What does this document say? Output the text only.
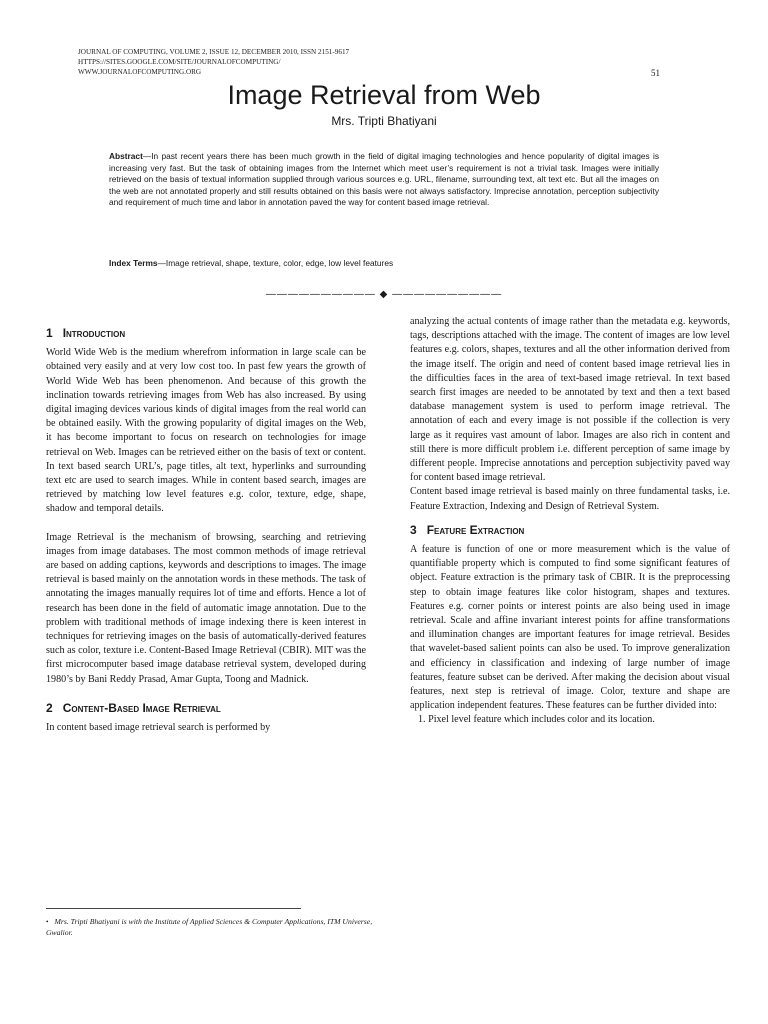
JOURNAL OF COMPUTING, VOLUME 2, ISSUE 12, DECEMBER 2010, ISSN 2151-9617
HTTPS://SITES.GOOGLE.COM/SITE/JOURNALOFCOMPUTING/
WWW.JOURNALOFCOMPUTING.ORG	51
Image Retrieval from Web
Mrs. Tripti Bhatiyani
Abstract—In past recent years there has been much growth in the field of digital imaging technologies and hence popularity of digital images is increasing very fast. But the task of obtaining images from the Internet which meet user’s requirement is not a trivial task. Images were initially retrieved on the basis of textual information supplied through various sources e.g. URL, filename, surrounding text, alt text etc. But all the images on the web are not annotated properly and still results obtained on this basis were not always satisfactory. Imprecise annotation, perception subjectivity and requirement of much time and labor in annotation paved the way for content based image retrieval.
Index Terms—Image retrieval, shape, texture, color, edge, low level features
—————————— ◆ ——————————
1 Introduction

World Wide Web is the medium wherefrom information in large scale can be obtained very easily and at very low cost too. In past few years the growth of World Wide Web has been phenomenon. And because of this growth the inclination towards retrieving images from Web has also increased. By using digital imaging devices various kinds of digital images from the real world can be obtained easily. With the growing popularity of digital images on the Web, it has become important to focus on research on technologies for image retrieval on Web. Images can be retrieved either on the basis of text or content. In text based search URL’s, page titles, alt text, hyperlinks and surrounding text etc are used to search images. While in content based search, images are retrieved by matching low level features e.g. color, texture, edge, shape, shadow and temporal details.

Image Retrieval is the mechanism of browsing, searching and retrieving images from image databases. The most common methods of image retrieval are based on adding captions, keywords and descriptions to images. The image retrieval is based mainly on the annotation words in these methods. The task of annotating the images manually requires lot of time and efforts. Hence a lot of research has been done in the field of automatic image annotation. Due to the problem with traditional methods of image indexing there is keen interest in techniques for retrieving images on the basis of automatically-derived features such as color, texture i.e. Content-Based Image Retrieval (CBIR). MIT was the first microcomputer based image database retrieval system, developed during 1980’s by Bani Reddy Prasad, Amar Gupta, Toong and Madnick.

2 Content-Based Image Retrieval

In content based image retrieval search is performed by

analyzing the actual contents of image rather than the metadata e.g. keywords, tags, descriptions attached with the image. The content of images are low level features e.g. colors, shapes, textures and all the other information derived from the image itself. The origin and need of content based image retrieval lies in the difficulties faces in the area of text-based image retrieval. In text based search first images are needed to be annotated by text and then a text based database management system is used to perform image retrieval. The annotation of each and every image is not possible if the collection is very large as it requires vast amount of labor. Images are also rich in content and still there is more difficult problem i.e. different perception of same image by different people. Imprecise annotations and perception subjectivity paved way for content based image retrieval.

Content based image retrieval is based mainly on three fundamental tasks, i.e. Feature Extraction, Indexing and Design of Retrieval System.

3 Feature Extraction

A feature is function of one or more measurement which is the value of quantifiable property which is computed to find some significant features of object. Feature extraction is the primary task of CBIR. It is the preprocessing step to obtain image features like color histogram, shapes and textures. Features e.g. corner points or interest points are also being used in image retrieval. Scale and affine invariant interest points for affine transformations and illumination changes are important features for image retrieval. Besides that wavelet-based salient points can also be used. To improve generalization and efficiency in classification and indexing of large number of image features, feature subset can be derived. After making the decision about visual features, next step is retrieval of image. Color, texture and shape are application independent features. These features can be further divided into:

1. Pixel level feature which includes color and its location.

• Mrs. Tripti Bhatiyani is with the Institute of Applied Sciences & Computer Applications, ITM Universe, Gwalior.
